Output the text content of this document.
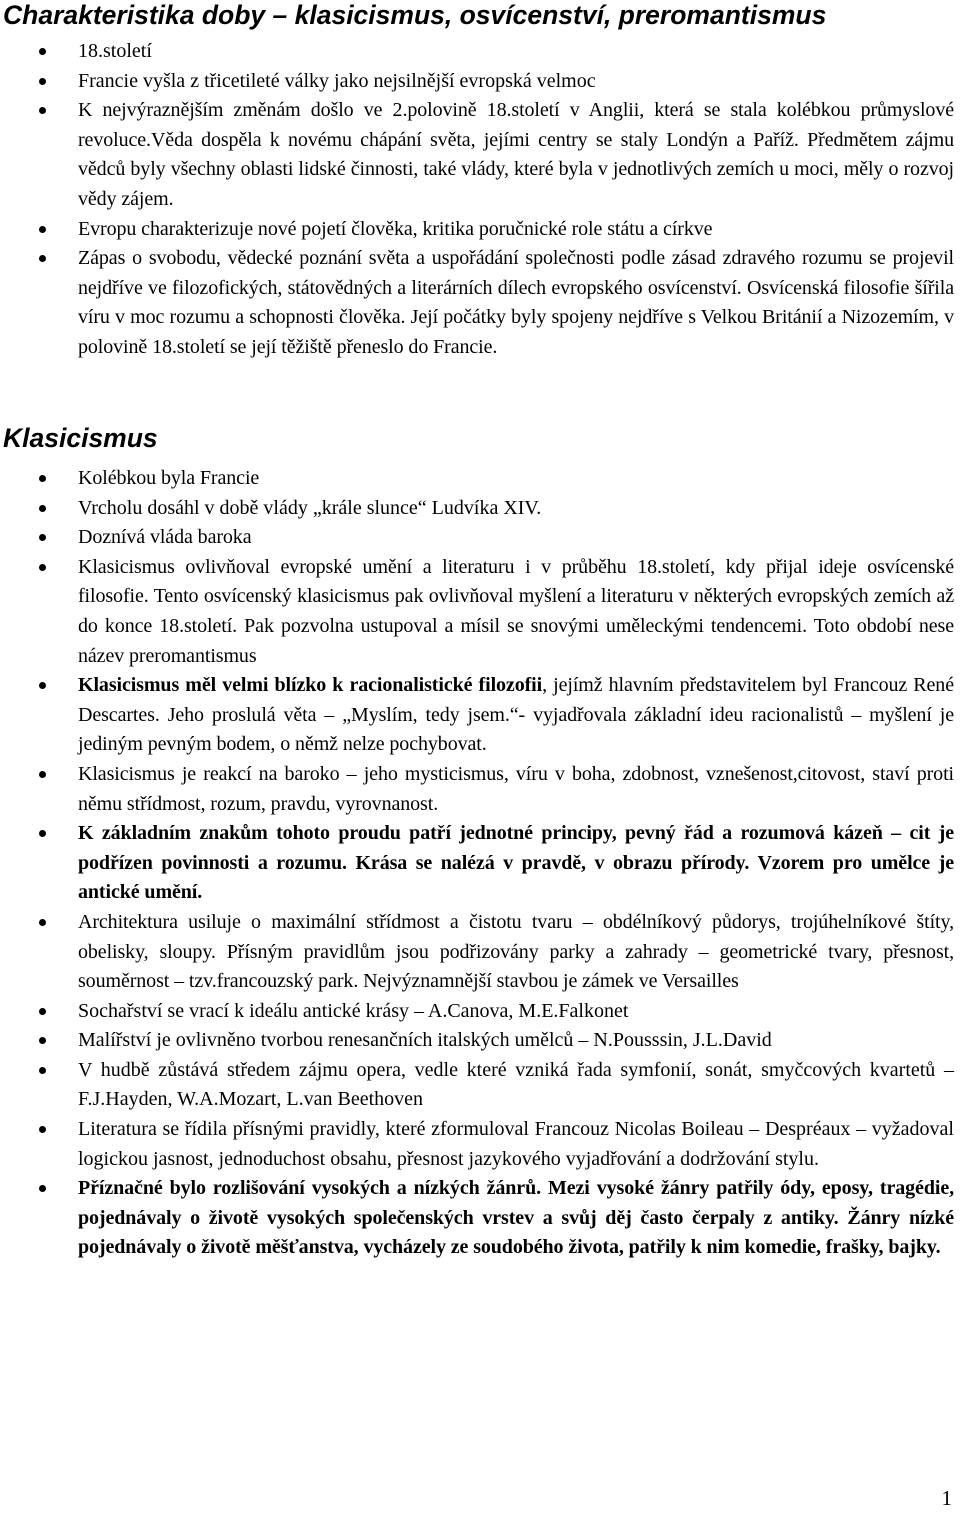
Charakteristika doby – klasicismus, osvícenství, preromantismus
18.století
Francie vyšla z třicetileté války jako nejsilnější evropská velmoc
K nejvýraznějším změnám došlo ve 2.polovině 18.století v Anglii, která se stala kolébkou průmyslové revoluce.Věda dospěla k novému chápání světa, jejími centry se staly Londýn a Paříž. Předmětem zájmu vědců byly všechny oblasti lidské činnosti, také vlády, které byla v jednotlivých zemích u moci, měly o rozvoj vědy zájem.
Evropu charakterizuje nové pojetí člověka, kritika poručnické role státu a církve
Zápas o svobodu, vědecké poznání světa a uspořádání společnosti podle zásad zdravého rozumu se projevil nejdříve ve filozofických, státovědných a literárních dílech evropského osvícenství. Osvícenská filosofie šířila víru v moc rozumu a schopnosti člověka. Její počátky byly spojeny nejdříve s Velkou Británií a Nizozemím, v polovině 18.století se její těžiště přeneslo do Francie.
Klasicismus
Kolébkou byla Francie
Vrcholu dosáhl v době vlády „krále slunce“ Ludvíka XIV.
Doznívá vláda baroka
Klasicismus ovlivňoval evropské umění a literaturu i v průběhu 18.století, kdy přijal ideje osvícenské filosofie. Tento osvícenský klasicismus pak ovlivňoval myšlení a literaturu v některých evropských zemích až do konce 18.století. Pak pozvolna ustupoval a mísil se snovými uměleckými tendencemi. Toto období nese název preromantismus
Klasicismus měl velmi blízko k racionalistické filozofii, jejímž hlavním představitelem byl Francouz René Descartes. Jeho proslulá věta – „Myslím, tedy jsem.“- vyjadřovala základní ideu racionalistů – myšlení je jediným pevným bodem, o němž nelze pochybovat.
Klasicismus je reakcí na baroko – jeho mysticismus, víru v boha, zdobnost, vznešenost,citovost, staví proti němu střídmost, rozum, pravdu, vyrovnanost.
K základním znakům tohoto proudu patří jednotné principy, pevný řád a rozumová kázeň – cit je podřízen povinnosti a rozumu. Krása se nalézá v pravdě, v obrazu přírody. Vzorem pro umělce je antické umění.
Architektura usiluje o maximální střídmost a čistotu tvaru – obdélníkový půdorys, trojúhelníkové štíty, obelisky, sloupy. Přísným pravidlům jsou podřizovány parky a zahrady – geometrické tvary, přesnost, souměrnost – tzv.francouzský park. Nejvýznamnější stavbou je zámek ve Versailles
Sochařství se vrací k ideálu antické krásy – A.Canova, M.E.Falkonet
Malířství je ovlivněno tvorbou renesančních italských umělců – N.Pousssin, J.L.David
V hudbě zůstává středem zájmu opera, vedle které vzniká řada symfonií, sonát, smyčcových kvartetů – F.J.Hayden, W.A.Mozart, L.van Beethoven
Literatura se řídila přísnými pravidly, které zformuloval Francouz Nicolas Boileau – Despréaux – vyžadoval logickou jasnost, jednoduchost obsahu, přesnost jazykového vyjadřování a dodržování stylu.
Příznačné bylo rozlišování vysokých a nízkých žánrů. Mezi vysoké žánry patřily ódy, eposy, tragédie, pojednávaly o životě vysokých společenských vrstev a svůj děj často čerpaly z antiky. Žánry nízké pojednávaly o životě měšťanstva, vycházely ze soudobého života, patřily k nim komedie, frašky, bajky.
1
